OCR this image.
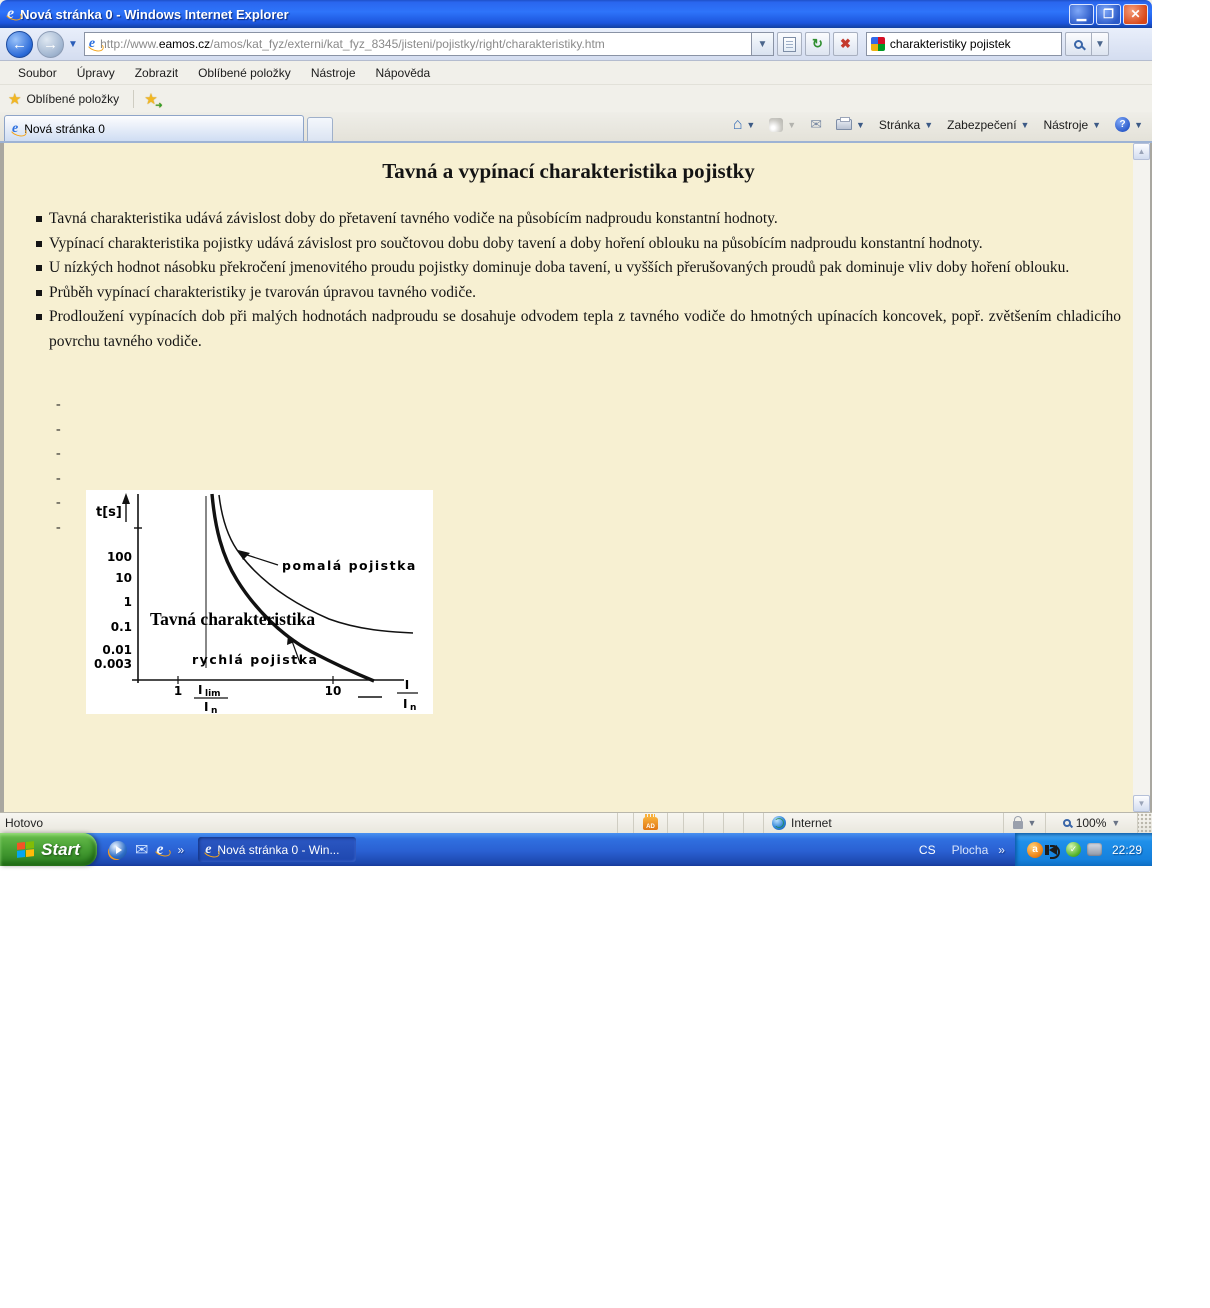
e Nová stránka 0 - Windows Internet Explorer	▁	❐	✕
←	→	▼ e http://www.eamos.cz/amos/kat_fyz/externi/kat_fyz_8345/jisteni/pojistky/right/charakteristiky.htm	▼	↻	✖	charakteristiky pojistek	▼
Soubor	Úpravy	Zobrazit	Oblíbené položky	Nástroje	Nápověda
★ Oblíbené položky ★ ➜
e Nová stránka 0	⌂ ▼	▼ ✉	▼ Stránka ▼ Zabezpečení ▼ Nástroje ▼	? ▼
Tavná a vypínací charakteristika pojistky
Tavná charakteristika udává závislost doby do přetavení tavného vodiče na působícím nadproudu konstantní hodnoty.
Vypínací charakteristika pojistky udává závislost pro součtovou dobu doby tavení a doby hoření oblouku na působícím nadproudu konstantní hodnoty.
U nízkých hodnot násobku překročení jmenovitého proudu pojistky dominuje doba tavení, u vyšších přerušovaných proudů pak dominuje vliv doby hoření oblouku.
Průběh vypínací charakteristiky je tvarován úpravou tavného vodiče.
Prodloužení vypínacích dob při malých hodnotách nadproudu se dosahuje odvodem tepla z tavného vodiče do hmotných upínacích koncovek, popř. zvětšením chladicího povrchu tavného vodiče.
-
-
-
-
-
-
100
10
1
0.1
0.01
0.003
t[s]
1	10
I lim
I n
I
I n
pomalá pojistka
rychlá pojistka
Tavná charakteristika
▲
▼
Hotovo	AD	Internet	▼	100% ▼
Start	✉ e » e Nová stránka 0 - Win...	CS	Plocha »	a	✓	22:29
